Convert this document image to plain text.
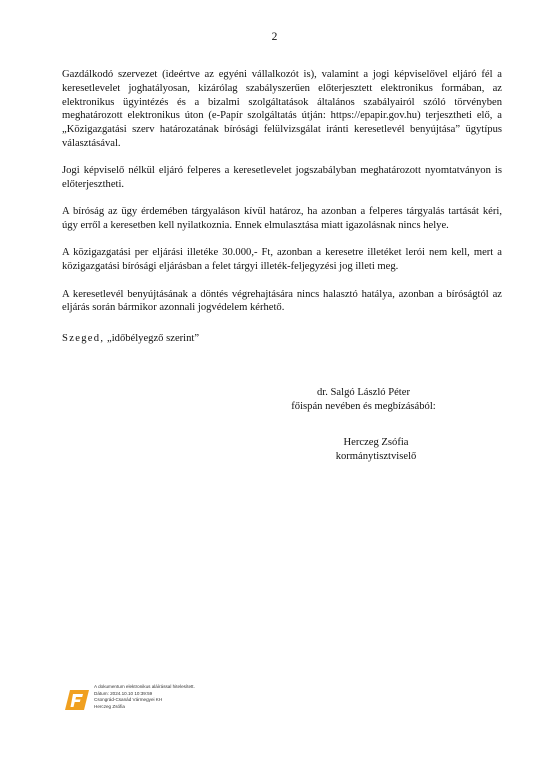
2

Gazdálkodó szervezet (ideértve az egyéni vállalkozót is), valamint a jogi képviselővel eljáró fél a keresetlevelet joghatályosan, kizárólag szabályszerűen előterjesztett elektronikus formában, az elektronikus ügyintézés és a bizalmi szolgáltatások általános szabályairól szóló törvényben meghatározott elektronikus úton (e-Papír szolgáltatás útján: https://epapir.gov.hu) terjesztheti elő, a „Közigazgatási szerv határozatának bírósági felülvizsgálat iránti keresetlevél benyújtása” ügytípus választásával.

Jogi képviselő nélkül eljáró felperes a keresetlevelet jogszabályban meghatározott nyomtatványon is előterjesztheti.

A bíróság az ügy érdemében tárgyaláson kívül határoz, ha azonban a felperes tárgyalás tartását kéri, úgy erről a keresetben kell nyilatkoznia. Ennek elmulasztása miatt igazolásnak nincs helye.

A közigazgatási per eljárási illetéke 30.000,- Ft, azonban a keresetre illetéket lerói nem kell, mert a közigazgatási bírósági eljárásban a felet tárgyi illeték-feljegyzési jog illeti meg.

A keresetlevél benyújtásának a döntés végrehajtására nincs halasztó hatálya, azonban a bíróságtól az eljárás során bármikor azonnali jogvédelem kérhető.

Szeged, „időbélyegző szerint”
dr. Salgó László Péter
főispán nevében és megbízásából:
Herczeg Zsófia
kormánytisztviselő
A dokumentum elektronikus aláírással hitelesített.
Dátum: 2024.10.10 10:39:59
Csongrád-Csanád Vármegyei KH
Herczeg Zsófia
